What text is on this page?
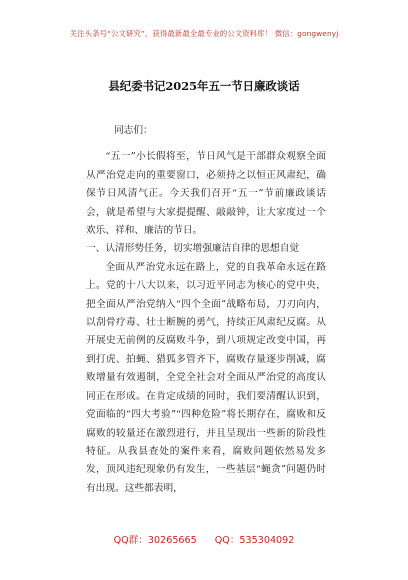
关注头条号“公文研究”，获得最新最全最专业的公文资料库！ 微信：gongwenyj
县纪委书记2025年五一节日廉政谈话

同志们：

“五一”小长假将至，节日风气是干部群众观察全面从严治党走向的重要窗口，必须持之以恒正风肃纪，确保节日风清气正。今天我们召开“五一”节前廉政谈话会，就是希望与大家提提醒、敲敲钟，让大家度过一个欢乐、祥和、廉洁的节日。

一、认清形势任务，切实增强廉洁自律的思想自觉

全面从严治党永远在路上，党的自我革命永远在路上。党的十八大以来，以习近平同志为核心的党中央，把全面从严治党纳入“四个全面”战略布局，刀刃向内，以刮骨疗毒、壮士断腕的勇气，持续正风肃纪反腐。从开展史无前例的反腐败斗争，到八项规定改变中国，再到打虎、拍蝇、猎狐多管齐下，腐败存量逐步削减，腐败增量有效遏制，全党全社会对全面从严治党的高度认同正在形成。在肯定成绩的同时，我们要清醒认识到，党面临的“四大考验”“四种危险”将长期存在，腐败和反腐败的较量还在激烈进行，并且呈现出一些新的阶段性特征。从我县查处的案件来看，腐败问题依然易发多发，顶风违纪现象仍有发生，一些基层“蝇贪”问题仍时有出现。这些都表明，

QQ群：30265665 QQ：535304092
